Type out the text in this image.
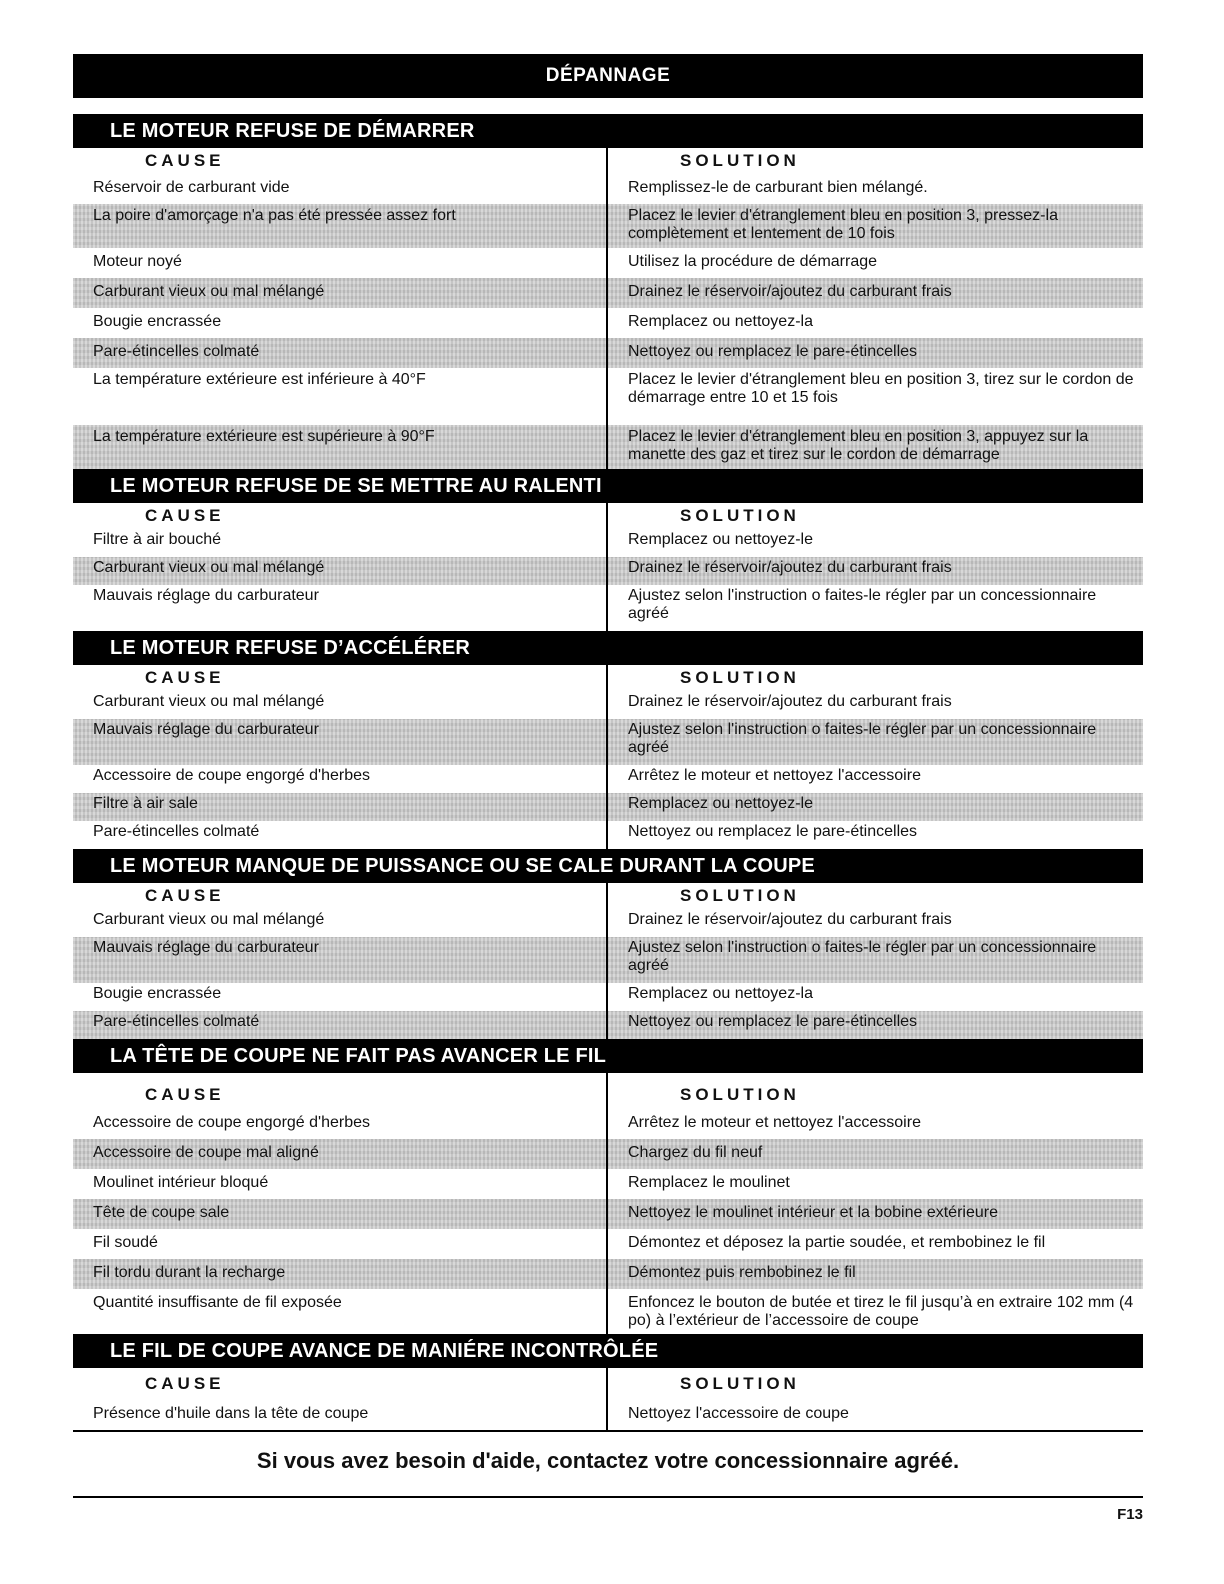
DÉPANNAGE
LE MOTEUR REFUSE DE DÉMARRER
CAUSE	SOLUTION
Réservoir de carburant vide	Remplissez-le de carburant bien mélangé.
La poire d'amorçage n'a pas été pressée assez fort	Placez le levier d'étranglement bleu en position 3, pressez-la complètement et lentement de 10 fois
Moteur noyé	Utilisez la procédure de démarrage
Carburant vieux ou mal mélangé	Drainez le réservoir/ajoutez du carburant frais
Bougie encrassée	Remplacez ou nettoyez-la
Pare-étincelles colmaté	Nettoyez ou remplacez le pare-étincelles
La température extérieure est inférieure à 40°F	Placez le levier d'étranglement bleu en position 3, tirez sur le cordon de démarrage entre 10 et 15 fois
La température extérieure est supérieure à 90°F	Placez le levier d'étranglement bleu en position 3, appuyez sur la manette des gaz et tirez sur le cordon de démarrage
LE MOTEUR REFUSE DE SE METTRE AU RALENTI
CAUSE	SOLUTION
Filtre à air bouché	Remplacez ou nettoyez-le
Carburant vieux ou mal mélangé	Drainez le réservoir/ajoutez du carburant frais
Mauvais réglage du carburateur	Ajustez selon l'instruction o faites-le régler par un concessionnaire agréé
LE MOTEUR REFUSE D’ACCÉLÉRER
CAUSE	SOLUTION
Carburant vieux ou mal mélangé	Drainez le réservoir/ajoutez du carburant frais
Mauvais réglage du carburateur	Ajustez selon l'instruction o faites-le régler par un concessionnaire agréé
Accessoire de coupe engorgé d'herbes	Arrêtez le moteur et nettoyez l'accessoire
Filtre à air sale	Remplacez ou nettoyez-le
Pare-étincelles colmaté	Nettoyez ou remplacez le pare-étincelles
LE MOTEUR MANQUE DE PUISSANCE OU SE CALE DURANT LA COUPE
CAUSE	SOLUTION
Carburant vieux ou mal mélangé	Drainez le réservoir/ajoutez du carburant frais
Mauvais réglage du carburateur	Ajustez selon l'instruction o faites-le régler par un concessionnaire agréé
Bougie encrassée	Remplacez ou nettoyez-la
Pare-étincelles colmaté	Nettoyez ou remplacez le pare-étincelles
LA TÊTE DE COUPE NE FAIT PAS AVANCER LE FIL
CAUSE	SOLUTION
Accessoire de coupe engorgé d'herbes	Arrêtez le moteur et nettoyez l'accessoire
Accessoire de coupe mal aligné	Chargez du fil neuf
Moulinet intérieur bloqué	Remplacez le moulinet
Tête de coupe sale	Nettoyez le moulinet intérieur et la bobine extérieure
Fil soudé	Démontez et déposez la partie soudée, et rembobinez le fil
Fil tordu durant la recharge	Démontez puis rembobinez le fil
Quantité insuffisante de fil exposée	Enfoncez le bouton de butée et tirez le fil jusqu’à en extraire 102 mm (4 po) à l’extérieur de l’accessoire de coupe
LE FIL DE COUPE AVANCE DE MANIÉRE INCONTRÔLÉE
CAUSE	SOLUTION
Présence d'huile dans la tête de coupe	Nettoyez l'accessoire de coupe
Si vous avez besoin d'aide, contactez votre concessionnaire agréé.
F13
